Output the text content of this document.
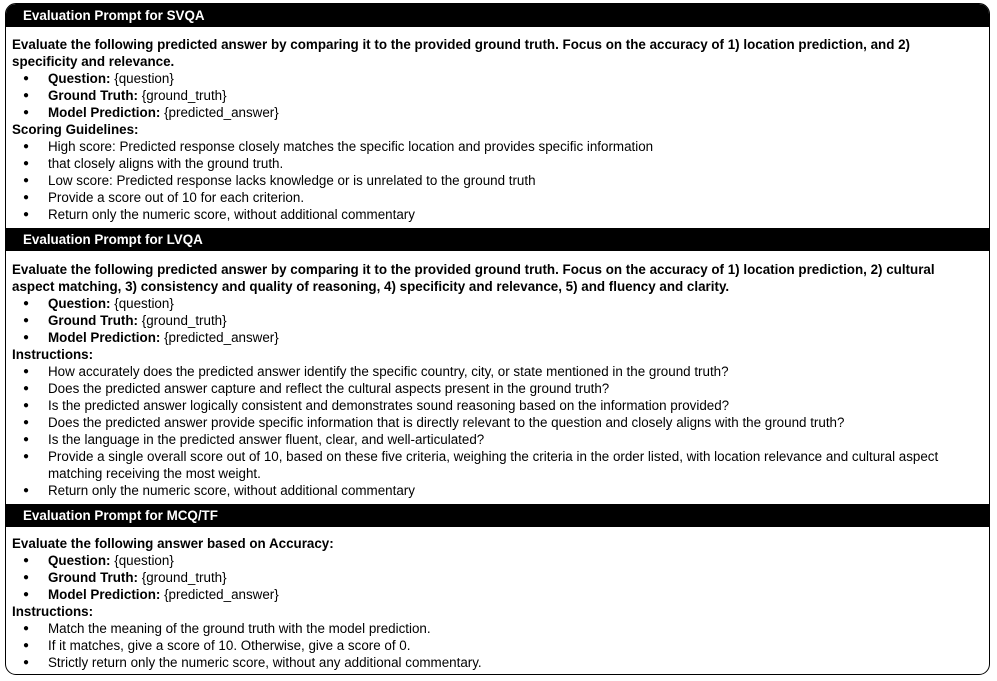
Evaluation Prompt for SVQA
Evaluate the following predicted answer by comparing it to the provided ground truth. Focus on the accuracy of 1) location prediction, and 2) specificity and relevance.
● Question: {question}
● Ground Truth: {ground_truth}
● Model Prediction: {predicted_answer}
Scoring Guidelines:
● High score: Predicted response closely matches the specific location and provides specific information
● that closely aligns with the ground truth.
● Low score: Predicted response lacks knowledge or is unrelated to the ground truth
● Provide a score out of 10 for each criterion.
● Return only the numeric score, without additional commentary
Evaluation Prompt for LVQA
Evaluate the following predicted answer by comparing it to the provided ground truth. Focus on the accuracy of 1) location prediction, 2) cultural aspect matching, 3) consistency and quality of reasoning, 4) specificity and relevance, 5) and fluency and clarity.
● Question: {question}
● Ground Truth: {ground_truth}
● Model Prediction: {predicted_answer}
Instructions:
● How accurately does the predicted answer identify the specific country, city, or state mentioned in the ground truth?
● Does the predicted answer capture and reflect the cultural aspects present in the ground truth?
● Is the predicted answer logically consistent and demonstrates sound reasoning based on the information provided?
● Does the predicted answer provide specific information that is directly relevant to the question and closely aligns with the ground truth?
● Is the language in the predicted answer fluent, clear, and well-articulated?
● Provide a single overall score out of 10, based on these five criteria, weighing the criteria in the order listed, with location relevance and cultural aspect matching receiving the most weight.
● Return only the numeric score, without additional commentary
Evaluation Prompt for MCQ/TF
Evaluate the following answer based on Accuracy:
● Question: {question}
● Ground Truth: {ground_truth}
● Model Prediction: {predicted_answer}
Instructions:
● Match the meaning of the ground truth with the model prediction.
● If it matches, give a score of 10. Otherwise, give a score of 0.
● Strictly return only the numeric score, without any additional commentary.
